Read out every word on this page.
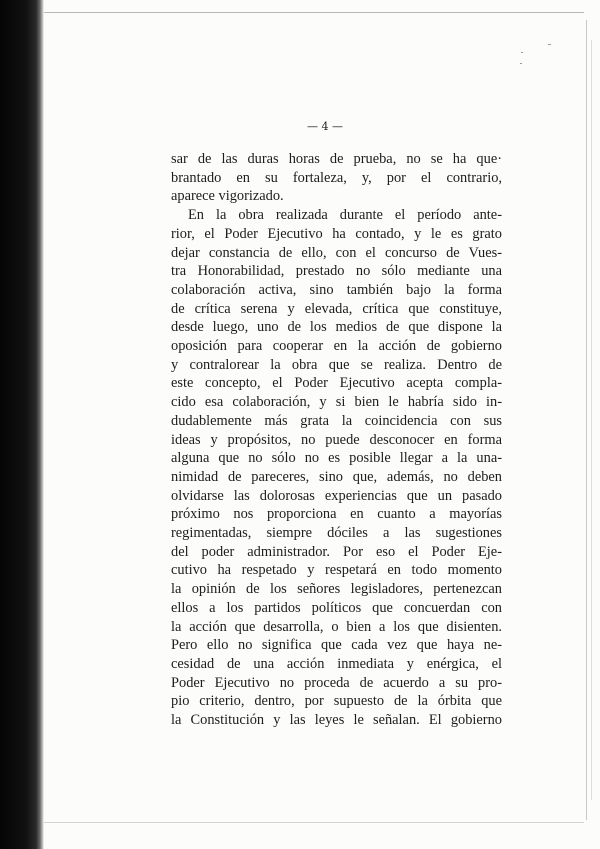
— 4 —
sar de las duras horas de prueba, no se ha que·
brantado en su fortaleza, y, por el contrario,
aparece vigorizado.
En la obra realizada durante el período ante-
rior, el Poder Ejecutivo ha contado, y le es grato
dejar constancia de ello, con el concurso de Vues-
tra Honorabilidad, prestado no sólo mediante una
colaboración activa, sino también bajo la forma
de crítica serena y elevada, crítica que constituye,
desde luego, uno de los medios de que dispone la
oposición para cooperar en la acción de gobierno
y contralorear la obra que se realiza. Dentro de
este concepto, el Poder Ejecutivo acepta compla-
cido esa colaboración, y si bien le habría sido in-
dudablemente más grata la coincidencia con sus
ideas y propósitos, no puede desconocer en forma
alguna que no sólo no es posible llegar a la una-
nimidad de pareceres, sino que, además, no deben
olvidarse las dolorosas experiencias que un pasado
próximo nos proporciona en cuanto a mayorías
regimentadas, siempre dóciles a las sugestiones
del poder administrador. Por eso el Poder Eje-
cutivo ha respetado y respetará en todo momento
la opinión de los señores legisladores, pertenezcan
ellos a los partidos políticos que concuerdan con
la acción que desarrolla, o bien a los que disienten.
Pero ello no significa que cada vez que haya ne-
cesidad de una acción inmediata y enérgica, el
Poder Ejecutivo no proceda de acuerdo a su pro-
pio criterio, dentro, por supuesto de la órbita que
la Constitución y las leyes le señalan. El gobierno
